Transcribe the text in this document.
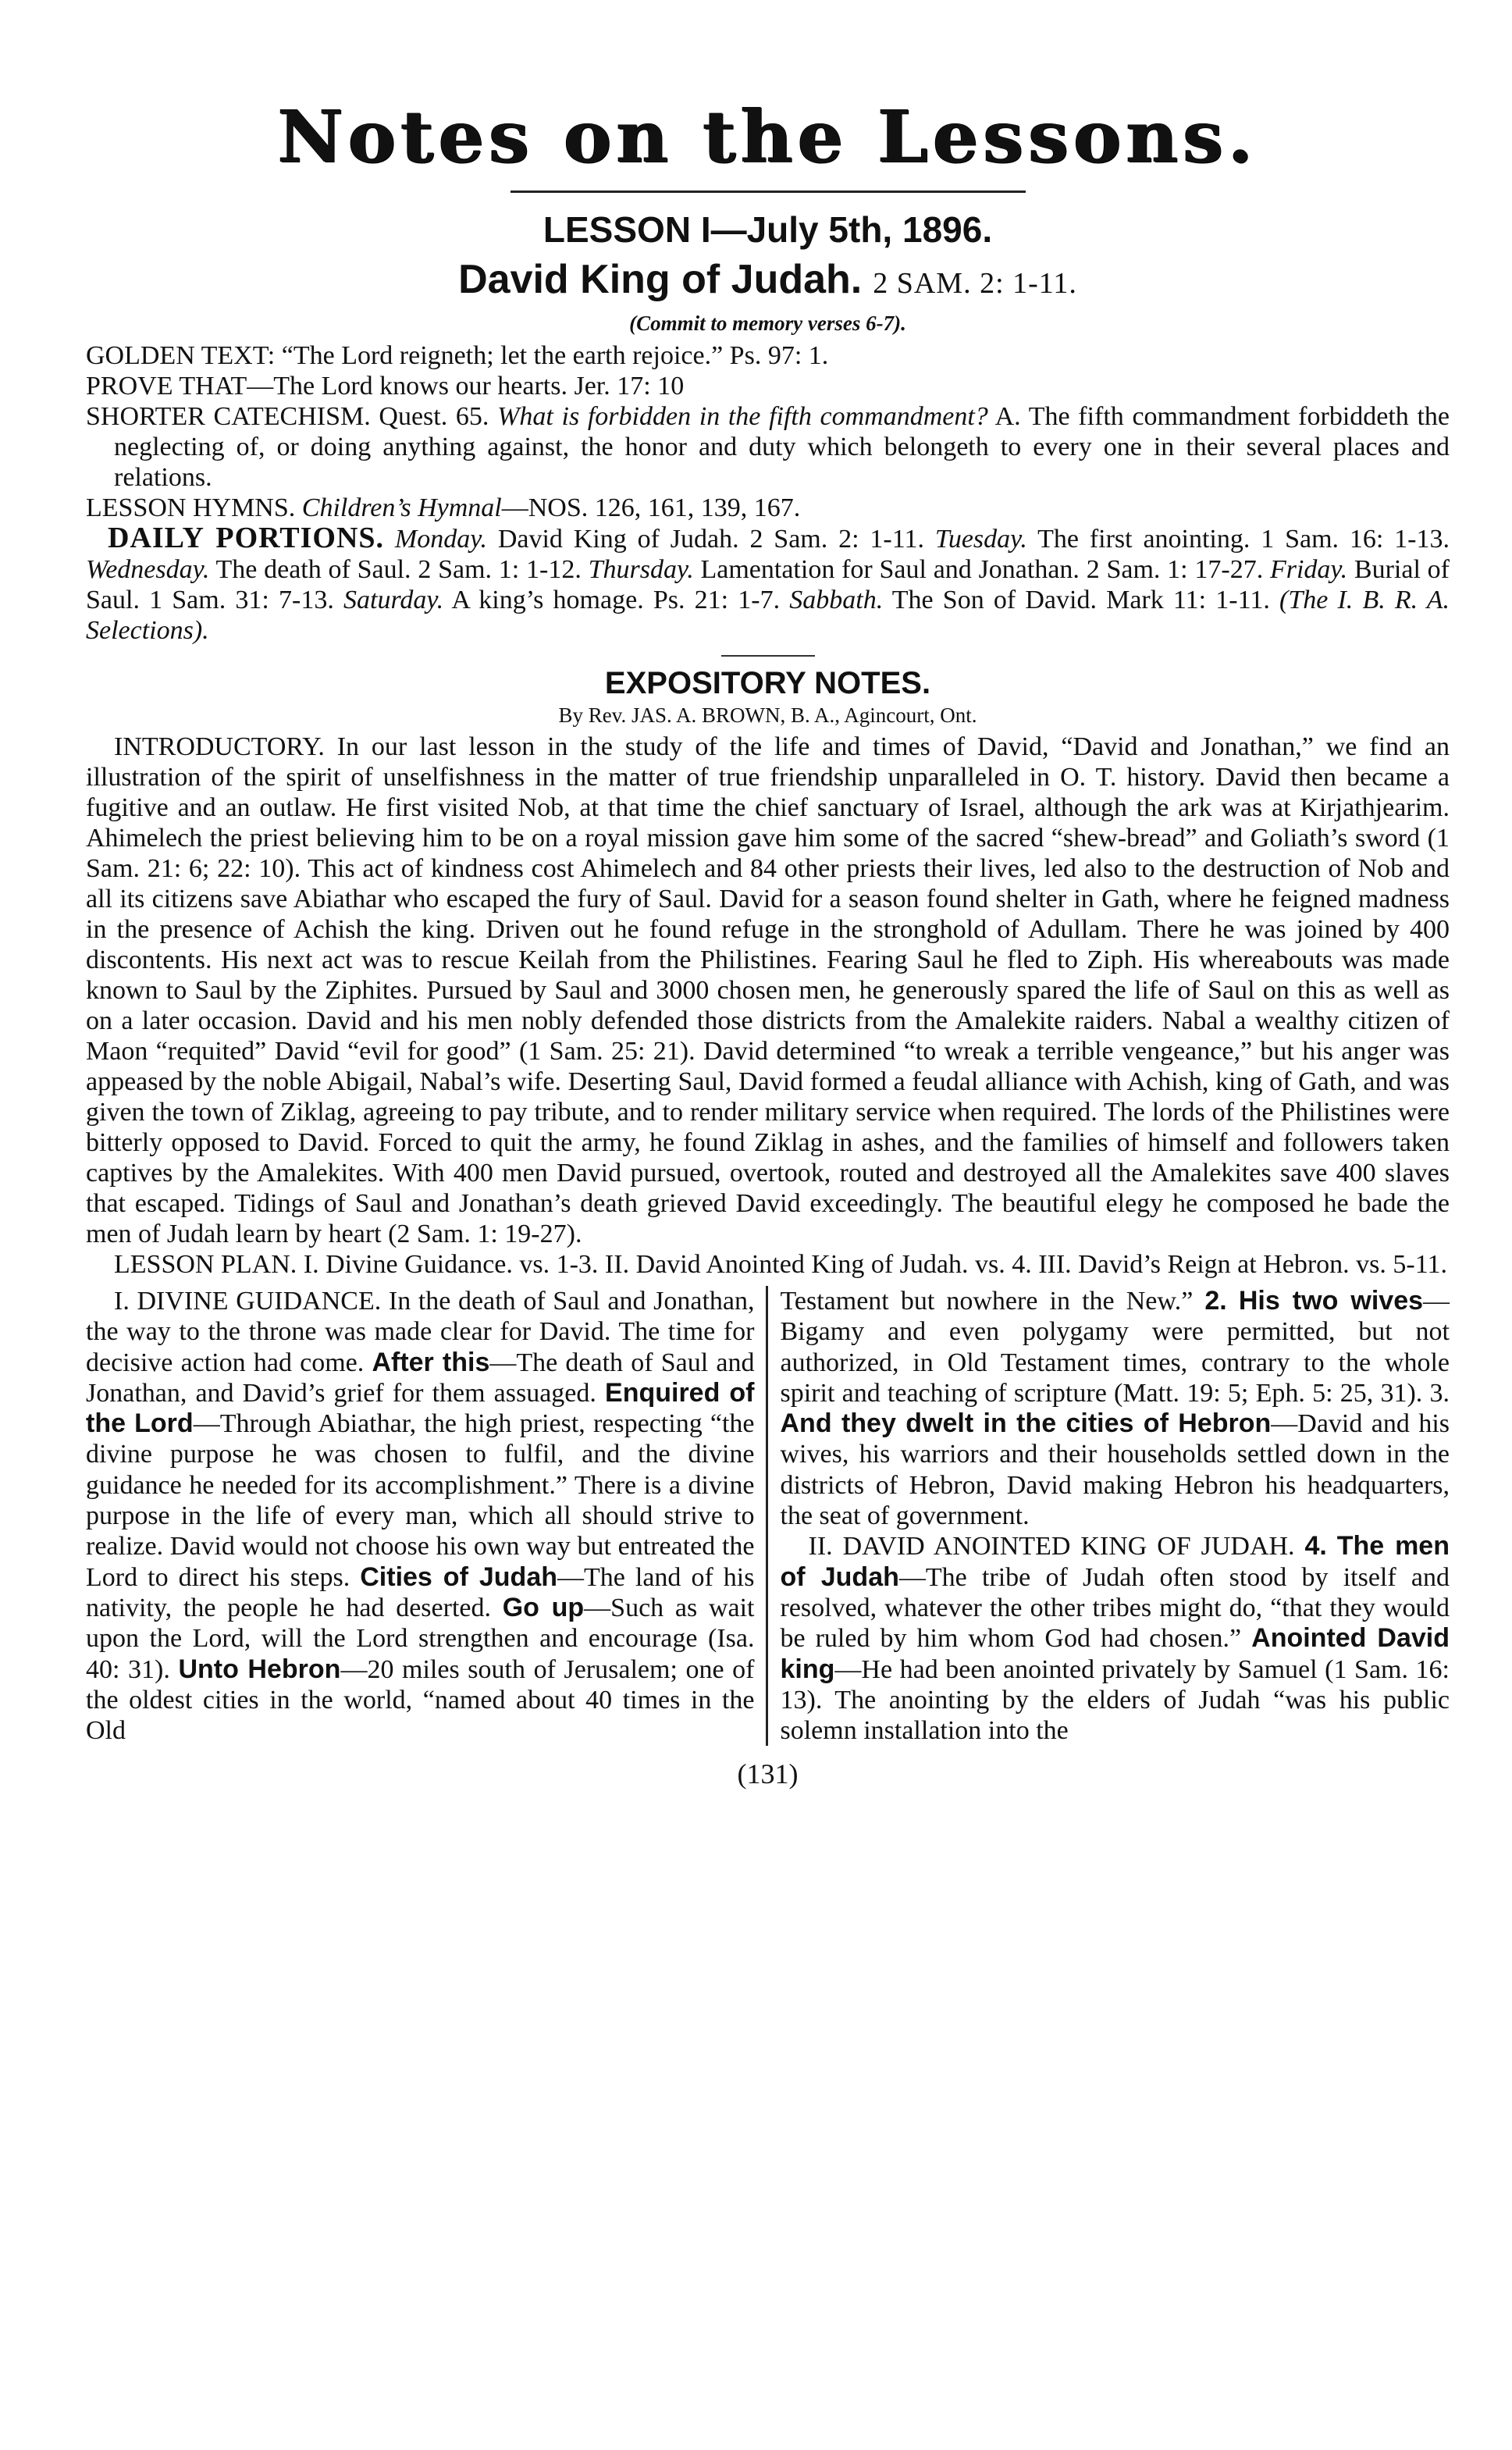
Notes on the Lessons.
LESSON I—July 5th, 1896.
David King of Judah. 2 SAM. 2: 1-11.
(Commit to memory verses 6-7).

GOLDEN TEXT: “The Lord reigneth; let the earth rejoice.” Ps. 97: 1.

PROVE THAT—The Lord knows our hearts. Jer. 17: 10

SHORTER CATECHISM. Quest. 65. What is forbidden in the fifth commandment? A. The fifth commandment forbiddeth the neglecting of, or doing anything against, the honor and duty which belongeth to every one in their several places and relations.

LESSON HYMNS. Children’s Hymnal—NOS. 126, 161, 139, 167.

DAILY PORTIONS. Monday. David King of Judah. 2 Sam. 2: 1-11. Tuesday. The first anointing. 1 Sam. 16: 1-13. Wednesday. The death of Saul. 2 Sam. 1: 1-12. Thursday. Lamentation for Saul and Jonathan. 2 Sam. 1: 17-27. Friday. Burial of Saul. 1 Sam. 31: 7-13. Saturday. A king’s homage. Ps. 21: 1-7. Sabbath. The Son of David. Mark 11: 1-11. (The I. B. R. A. Selections).

EXPOSITORY NOTES.
By Rev. JAS. A. BROWN, B. A., Agincourt, Ont.

INTRODUCTORY. In our last lesson in the study of the life and times of David, “David and Jonathan,” we find an illustration of the spirit of unselfishness in the matter of true friendship unparalleled in O. T. history. David then became a fugitive and an outlaw. He first visited Nob, at that time the chief sanctuary of Israel, although the ark was at Kirjathjearim. Ahimelech the priest believing him to be on a royal mission gave him some of the sacred “shew-bread” and Goliath’s sword (1 Sam. 21: 6; 22: 10). This act of kindness cost Ahimelech and 84 other priests their lives, led also to the destruction of Nob and all its citizens save Abiathar who escaped the fury of Saul. David for a season found shelter in Gath, where he feigned madness in the presence of Achish the king. Driven out he found refuge in the stronghold of Adullam. There he was joined by 400 discontents. His next act was to rescue Keilah from the Philistines. Fearing Saul he fled to Ziph. His whereabouts was made known to Saul by the Ziphites. Pursued by Saul and 3000 chosen men, he generously spared the life of Saul on this as well as on a later occasion. David and his men nobly defended those districts from the Amalekite raiders. Nabal a wealthy citizen of Maon “requited” David “evil for good” (1 Sam. 25: 21). David determined “to wreak a terrible vengeance,” but his anger was appeased by the noble Abigail, Nabal’s wife. Deserting Saul, David formed a feudal alliance with Achish, king of Gath, and was given the town of Ziklag, agreeing to pay tribute, and to render military service when required. The lords of the Philistines were bitterly opposed to David. Forced to quit the army, he found Ziklag in ashes, and the families of himself and followers taken captives by the Amalekites. With 400 men David pursued, overtook, routed and destroyed all the Amalekites save 400 slaves that escaped. Tidings of Saul and Jonathan’s death grieved David exceedingly. The beautiful elegy he composed he bade the men of Judah learn by heart (2 Sam. 1: 19-27).

LESSON PLAN. I. Divine Guidance. vs. 1-3. II. David Anointed King of Judah. vs. 4. III. David’s Reign at Hebron. vs. 5-11.

I. DIVINE GUIDANCE. In the death of Saul and Jonathan, the way to the throne was made clear for David. The time for decisive action had come. After this—The death of Saul and Jonathan, and David’s grief for them assuaged. Enquired of the Lord—Through Abiathar, the high priest, respecting “the divine purpose he was chosen to fulfil, and the divine guidance he needed for its accomplishment.” There is a divine purpose in the life of every man, which all should strive to realize. David would not choose his own way but entreated the Lord to direct his steps. Cities of Judah—The land of his nativity, the people he had deserted. Go up—Such as wait upon the Lord, will the Lord strengthen and encourage (Isa. 40: 31). Unto Hebron—20 miles south of Jerusalem; one of the oldest cities in the world, “named about 40 times in the Old

Testament but nowhere in the New.” 2. His two wives—Bigamy and even polygamy were permitted, but not authorized, in Old Testament times, contrary to the whole spirit and teaching of scripture (Matt. 19: 5; Eph. 5: 25, 31). 3. And they dwelt in the cities of Hebron—David and his wives, his warriors and their households settled down in the districts of Hebron, David making Hebron his headquarters, the seat of government.

II. DAVID ANOINTED KING OF JUDAH. 4. The men of Judah—The tribe of Judah often stood by itself and resolved, whatever the other tribes might do, “that they would be ruled by him whom God had chosen.” Anointed David king—He had been anointed privately by Samuel (1 Sam. 16: 13). The anointing by the elders of Judah “was his public solemn installation into the

(131)
